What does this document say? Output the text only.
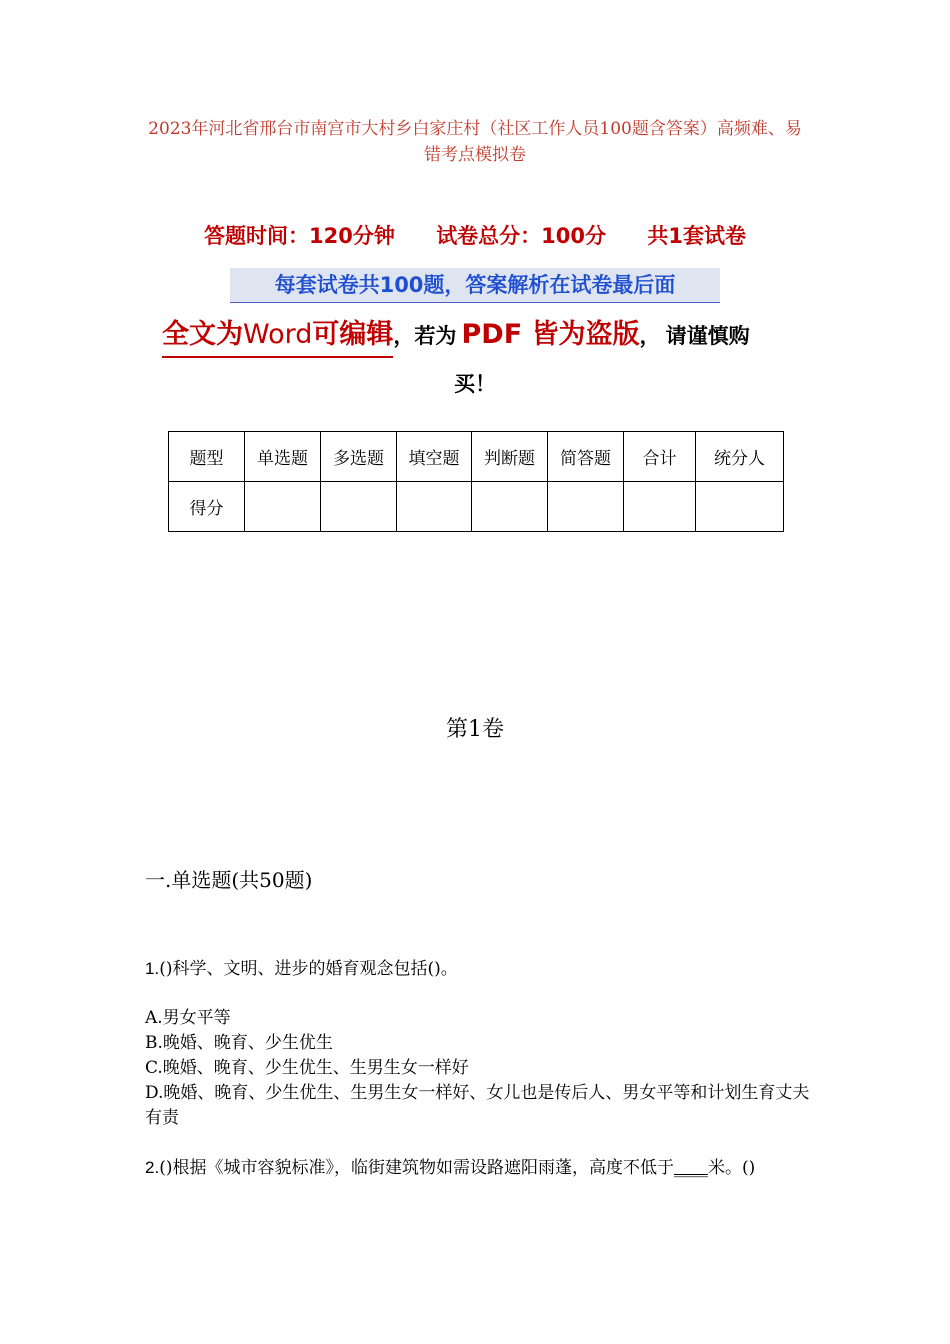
2023年河北省邢台市南宫市大村乡白家庄村（社区工作人员100题含答案）高频难、易错考点模拟卷
答题时间：120分钟 试卷总分：100分 共1套试卷
每套试卷共100题，答案解析在试卷最后面
全文为Word可编辑，若为 PDF 皆为盗版， 请谨慎购
买！
题型	单选题	多选题	填空题	判断题	简答题	合计	统分人
得分							
第1卷
一.单选题(共50题)
1.()科学、文明、进步的婚育观念包括()。
A.男女平等
B.晚婚、晚育、少生优生
C.晚婚、晚育、少生优生、生男生女一样好
D.晚婚、晚育、少生优生、生男生女一样好、女儿也是传后人、男女平等和计划生育丈夫有责
2.()根据《城市容貌标准》，临街建筑物如需设路遮阳雨蓬，高度不低于____米。()
